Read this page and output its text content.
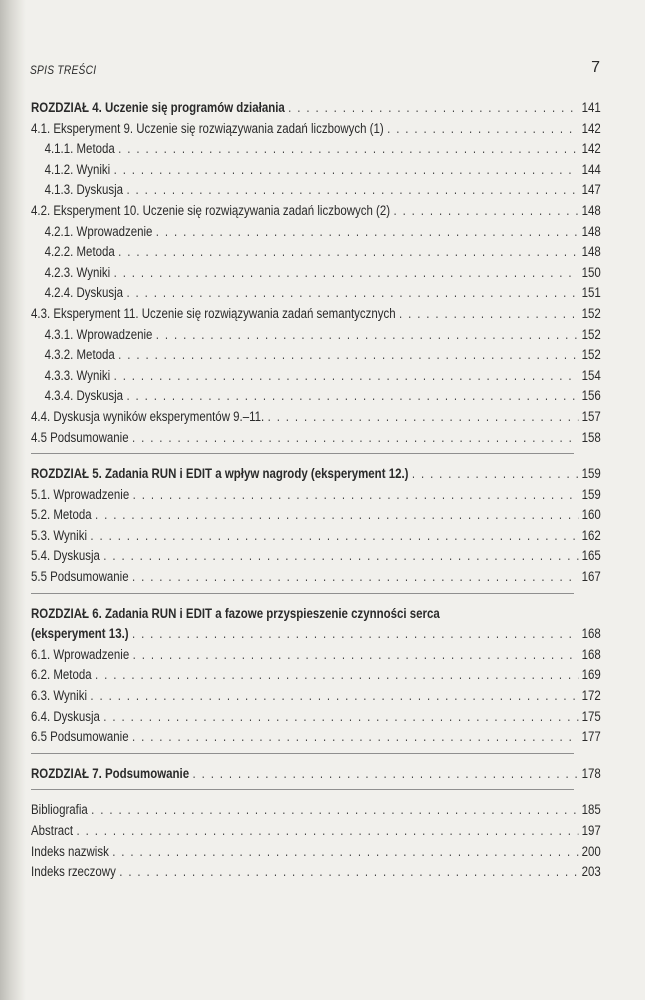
SPIS TREŚCI	7
ROZDZIAŁ 4. Uczenie się programów działania . . .	141
4.1. Eksperyment 9. Uczenie się rozwiązywania zadań liczbowych (1) . . .	142
4.1.1. Metoda . . .	142
4.1.2. Wyniki . . .	144
4.1.3. Dyskusja . . .	147
4.2. Eksperyment 10. Uczenie się rozwiązywania zadań liczbowych (2) . . .	148
4.2.1. Wprowadzenie . . .	148
4.2.2. Metoda . . .	148
4.2.3. Wyniki . . .	150
4.2.4. Dyskusja . . .	151
4.3. Eksperyment 11. Uczenie się rozwiązywania zadań semantycznych . . .	152
4.3.1. Wprowadzenie . . .	152
4.3.2. Metoda . . .	152
4.3.3. Wyniki . . .	154
4.3.4. Dyskusja . . .	156
4.4. Dyskusja wyników eksperymentów 9.–11. . . .	157
4.5 Podsumowanie . . .	158
ROZDZIAŁ 5. Zadania RUN i EDIT a wpływ nagrody (eksperyment 12.) . . .	159
5.1. Wprowadzenie . . .	159
5.2. Metoda . . .	160
5.3. Wyniki . . .	162
5.4. Dyskusja . . .	165
5.5 Podsumowanie . . .	167
ROZDZIAŁ 6. Zadania RUN i EDIT a fazowe przyspieszenie czynności serca
(eksperyment 13.) . . .	168
6.1. Wprowadzenie . . .	168
6.2. Metoda . . .	169
6.3. Wyniki . . .	172
6.4. Dyskusja . . .	175
6.5 Podsumowanie . . .	177
ROZDZIAŁ 7. Podsumowanie . . .	178
Bibliografia . . .	185
Abstract . . .	197
Indeks nazwisk . . .	200
Indeks rzeczowy . . .	203
